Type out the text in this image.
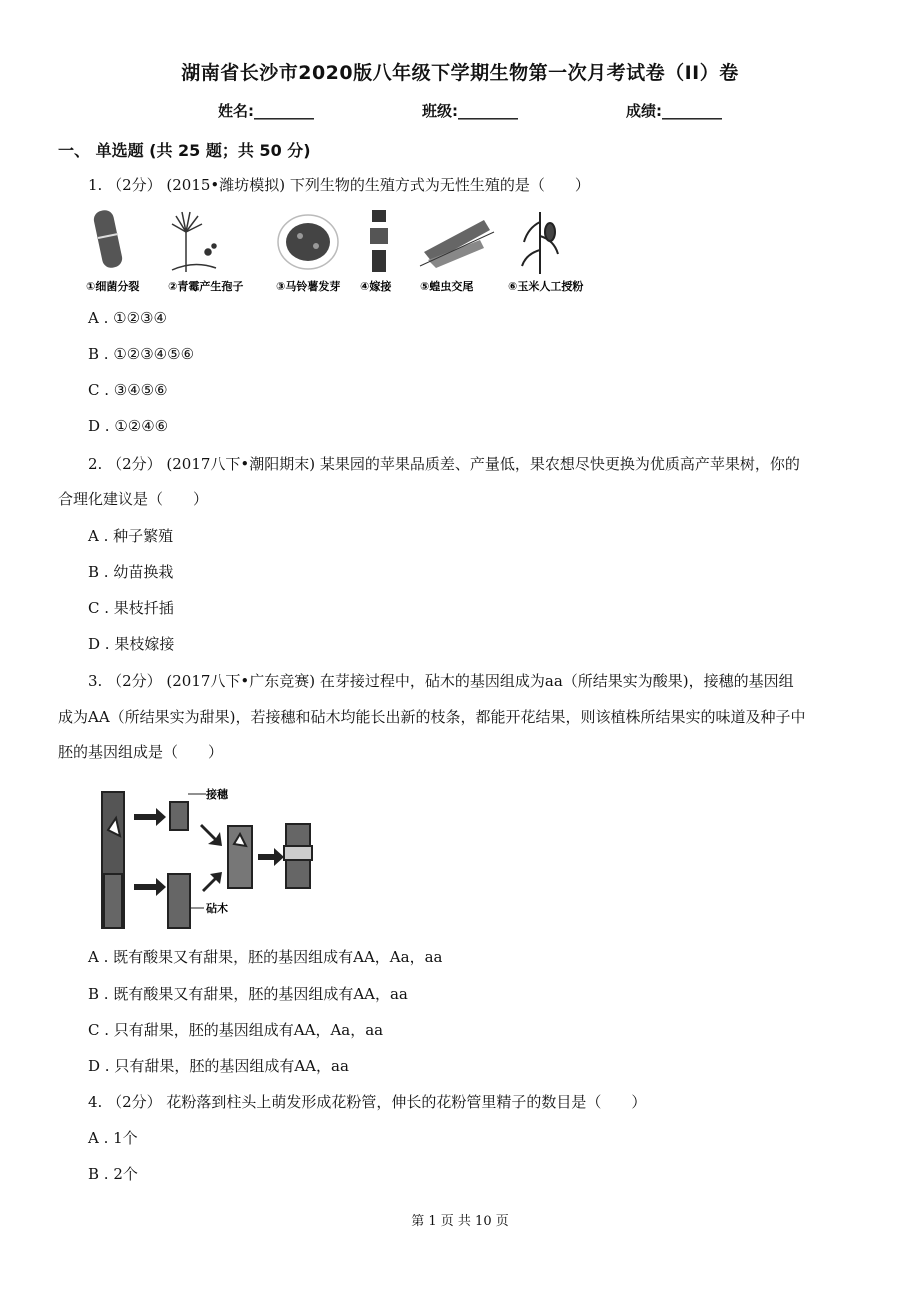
湖南省长沙市2020版八年级下学期生物第一次月考试卷（II）卷
姓名:________	班级:________	成绩:________
一、 单选题 (共 25 题；共 50 分)
1. （2分） (2015•潍坊模拟) 下列生物的生殖方式为无性生殖的是（　　）
①细菌分裂	②青霉产生孢子	③马铃薯发芽 ④嫁接	⑤蝗虫交尾	⑥玉米人工授粉
A . ①②③④
B . ①②③④⑤⑥
C . ③④⑤⑥
D . ①②④⑥
2. （2分） (2017八下•潮阳期末) 某果园的苹果品质差、产量低，果农想尽快更换为优质高产苹果树，你的
合理化建议是（　　）
A . 种子繁殖
B . 幼苗换栽
C . 果枝扦插
D . 果枝嫁接
3. （2分） (2017八下•广东竞赛) 在芽接过程中，砧木的基因组成为aa（所结果实为酸果)，接穗的基因组
成为AA（所结果实为甜果)，若接穗和砧木均能长出新的枝条，都能开花结果，则该植株所结果实的味道及种子中
胚的基因组成是（　　）
接穗
砧木
A . 既有酸果又有甜果，胚的基因组成有AA，Aa，aa
B . 既有酸果又有甜果，胚的基因组成有AA，aa
C . 只有甜果，胚的基因组成有AA，Aa，aa
D . 只有甜果，胚的基因组成有AA，aa
4. （2分） 花粉落到柱头上萌发形成花粉管，伸长的花粉管里精子的数目是（　　）
A . 1个
B . 2个
第 1 页 共 10 页
